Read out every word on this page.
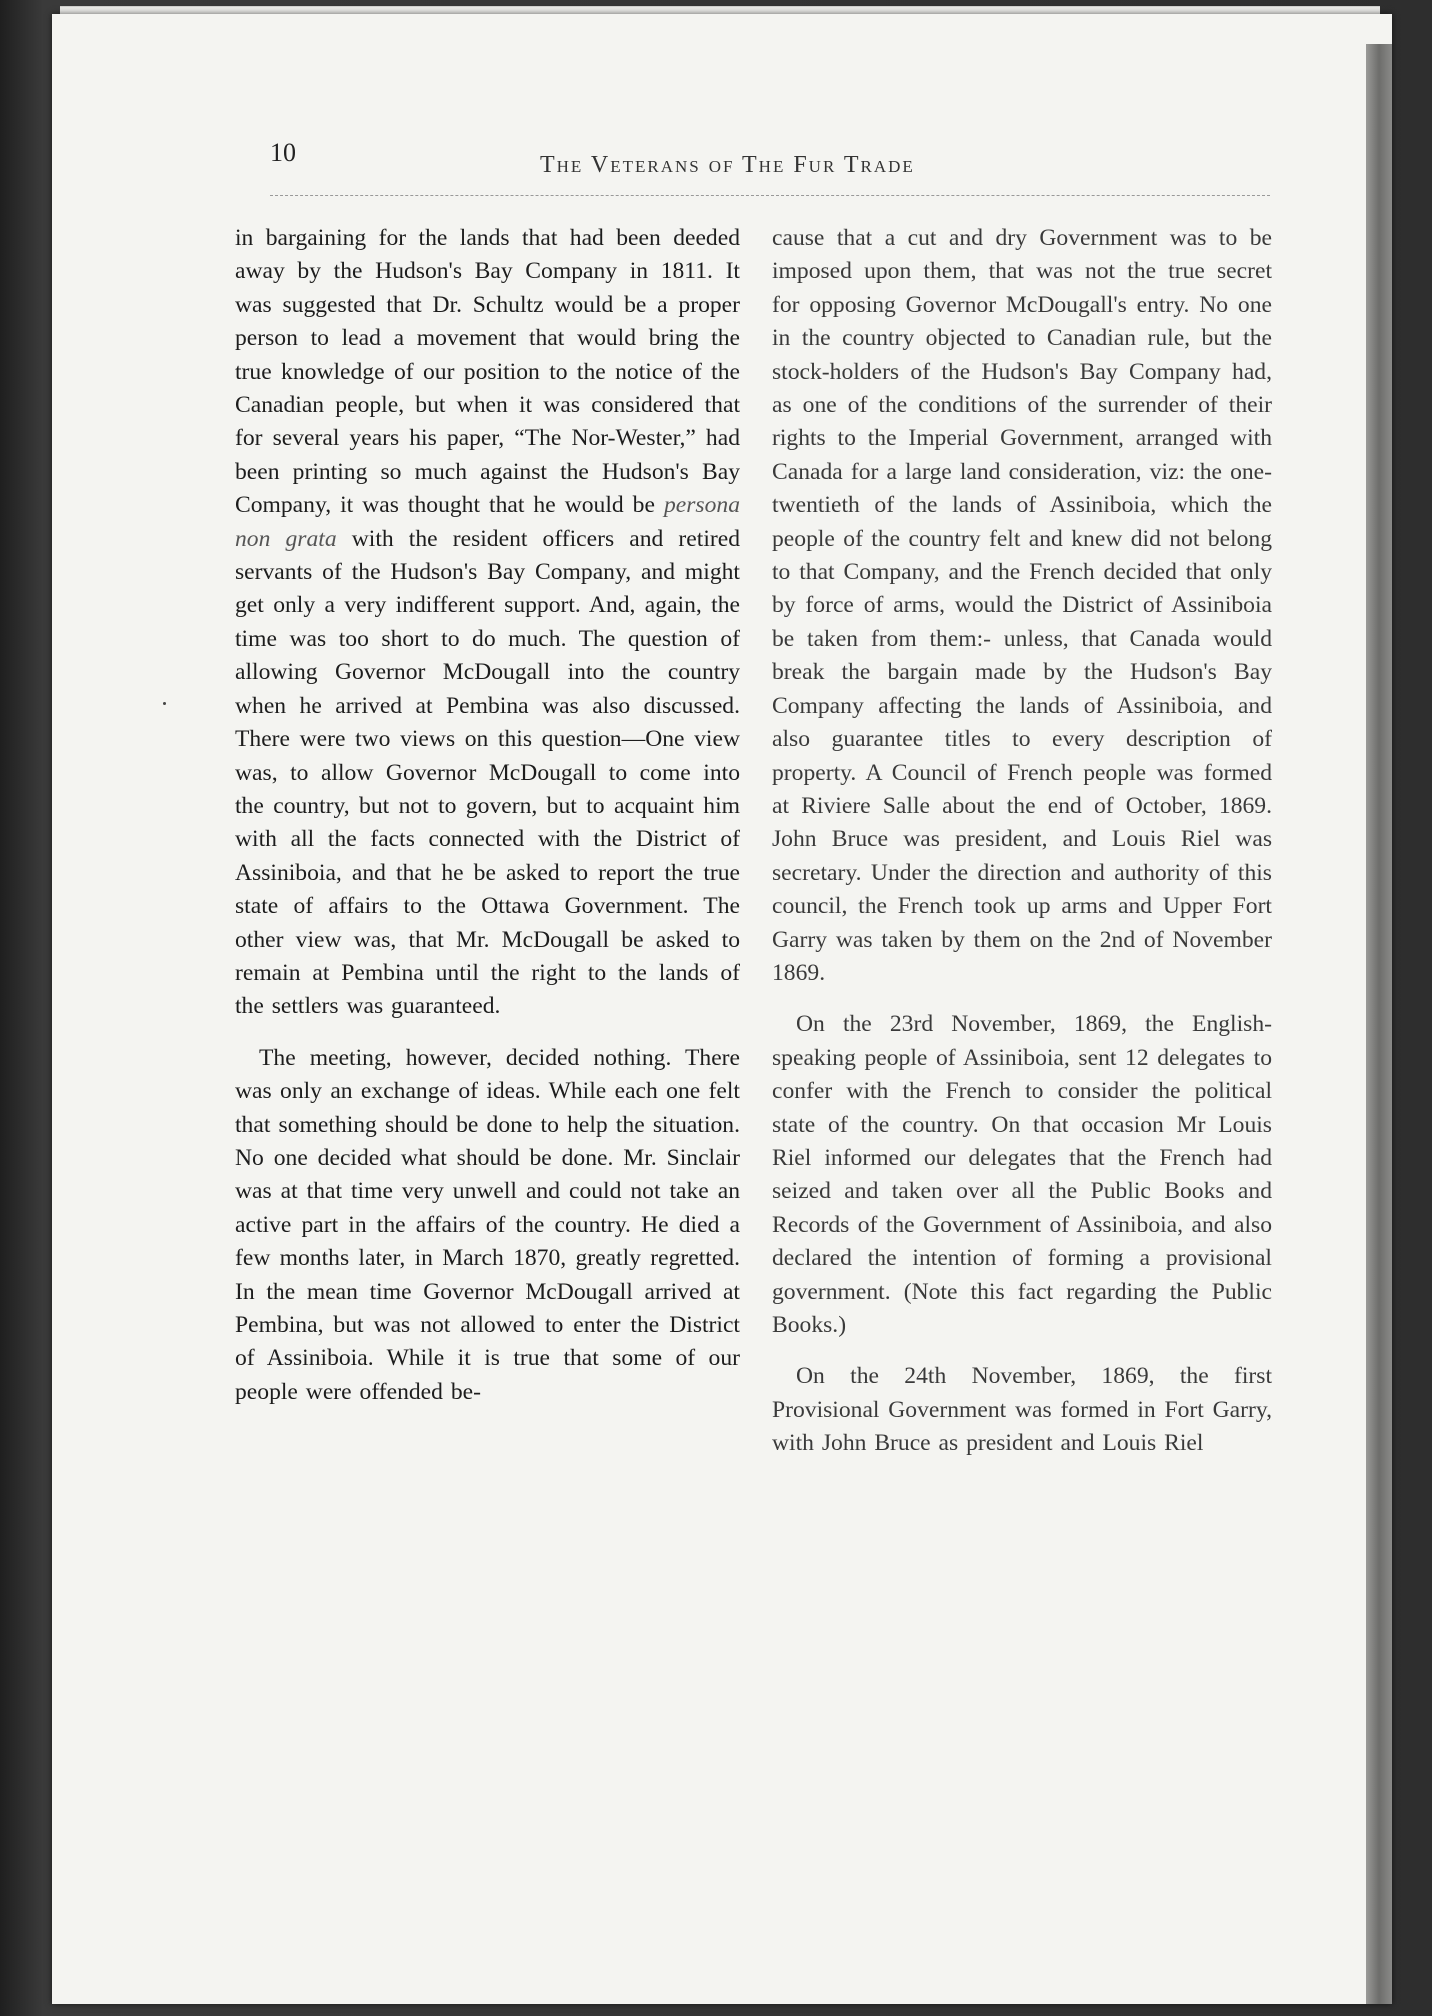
10	The Veterans of The Fur Trade

in bargaining for the lands that had been deeded away by the Hudson's Bay Company in 1811. It was suggested that Dr. Schultz would be a proper person to lead a movement that would bring the true knowledge of our position to the notice of the Canadian people, but when it was considered that for several years his paper, “The Nor-Wester,” had been printing so much against the Hudson's Bay Company, it was thought that he would be persona non grata with the resident officers and retired servants of the Hudson's Bay Company, and might get only a very indifferent support. And, again, the time was too short to do much. The question of allowing Governor McDougall into the country when he arrived at Pembina was also discussed. There were two views on this question—One view was, to allow Governor McDougall to come into the country, but not to govern, but to acquaint him with all the facts connected with the District of Assiniboia, and that he be asked to report the true state of affairs to the Ottawa Government. The other view was, that Mr. McDougall be asked to remain at Pembina until the right to the lands of the settlers was guaranteed.

The meeting, however, decided nothing. There was only an exchange of ideas. While each one felt that something should be done to help the situation. No one decided what should be done. Mr. Sinclair was at that time very unwell and could not take an active part in the affairs of the country. He died a few months later, in March 1870, greatly regretted. In the mean time Governor McDougall arrived at Pembina, but was not allowed to enter the District of Assiniboia. While it is true that some of our people were offended be-

cause that a cut and dry Government was to be imposed upon them, that was not the true secret for opposing Governor McDougall's entry. No one in the country objected to Canadian rule, but the stock-holders of the Hudson's Bay Company had, as one of the conditions of the surrender of their rights to the Imperial Government, arranged with Canada for a large land consideration, viz: the one-twentieth of the lands of Assiniboia, which the people of the country felt and knew did not belong to that Company, and the French decided that only by force of arms, would the District of Assiniboia be taken from them:- unless, that Canada would break the bargain made by the Hudson's Bay Company affecting the lands of Assiniboia, and also guarantee titles to every description of property. A Council of French people was formed at Riviere Salle about the end of October, 1869. John Bruce was president, and Louis Riel was secretary. Under the direction and authority of this council, the French took up arms and Upper Fort Garry was taken by them on the 2nd of November 1869.

On the 23rd November, 1869, the English-speaking people of Assiniboia, sent 12 delegates to confer with the French to consider the political state of the country. On that occasion Mr Louis Riel informed our delegates that the French had seized and taken over all the Public Books and Records of the Government of Assiniboia, and also declared the intention of forming a provisional government. (Note this fact regarding the Public Books.)

On the 24th November, 1869, the first Provisional Government was formed in Fort Garry, with John Bruce as president and Louis Riel
